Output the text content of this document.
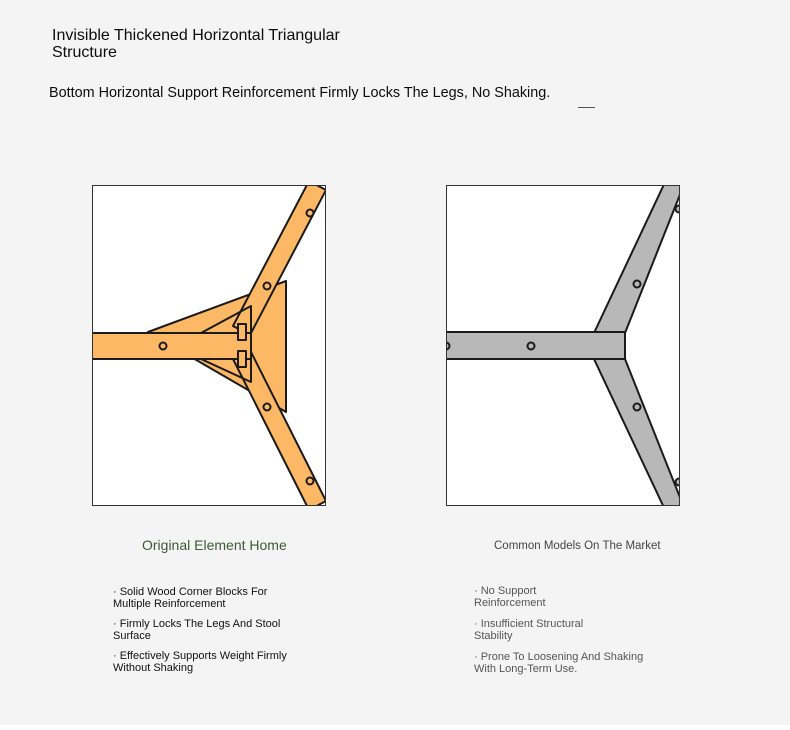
Invisible Thickened Horizontal Triangular Structure

Bottom Horizontal Support Reinforcement Firmly Locks The Legs, No Shaking.

Original Element Home	Common Models On The Market
· Solid Wood Corner Blocks For Multiple Reinforcement
· Firmly Locks The Legs And Stool Surface
· Effectively Supports Weight Firmly Without Shaking
· No Support Reinforcement
· Insufficient Structural Stability
· Prone To Loosening And Shaking With Long-Term Use.
